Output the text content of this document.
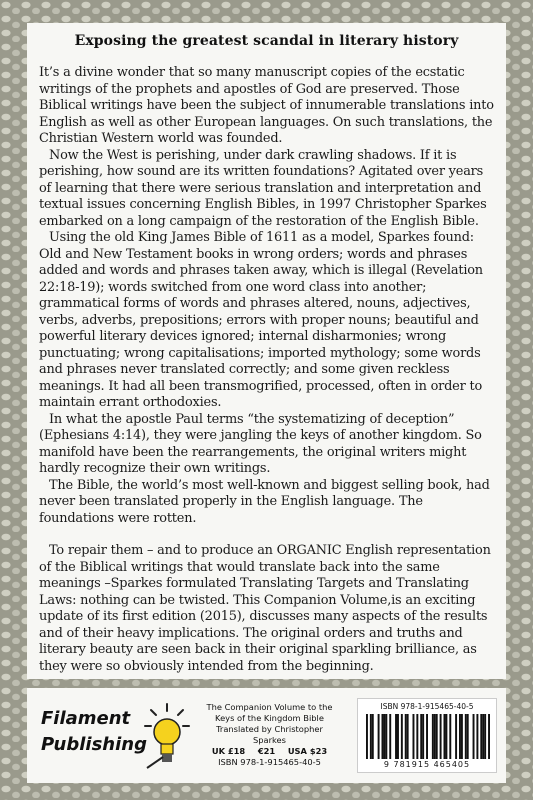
Exposing the greatest scandal in literary history

It’s a divine wonder that so many manuscript copies of the ecstatic writings of the prophets and apostles of God are preserved. Those Biblical writings have been the subject of innumerable translations into English as well as other European languages. On such translations, the Christian Western world was founded.

Now the West is perishing, under dark crawling shadows. If it is perishing, how sound are its written foundations? Agitated over years of learning that there were serious translation and interpretation and textual issues concerning English Bibles, in 1997 Christopher Sparkes embarked on a long campaign of the restoration of the English Bible.

Using the old King James Bible of 1611 as a model, Sparkes found: Old and New Testament books in wrong orders; words and phrases added and words and phrases taken away, which is illegal (Revelation 22:18-19); words switched from one word class into another; grammatical forms of words and phrases altered, nouns, adjectives, verbs, adverbs, prepositions; errors with proper nouns; beautiful and powerful literary devices ignored; internal disharmonies; wrong punctuating; wrong capitalisations; imported mythology; some words and phrases never translated correctly; and some given reckless meanings. It had all been transmogrified, processed, often in order to maintain errant orthodoxies.

In what the apostle Paul terms “the systematizing of deception” (Ephesians 4:14), they were jangling the keys of another kingdom. So manifold have been the rearrangements, the original writers might hardly recognize their own writings.

The Bible, the world’s most well-known and biggest selling book, had never been translated properly in the English language. The foundations were rotten.

To repair them – and to produce an ORGANIC English representation of the Biblical writings that would translate back into the same meanings –Sparkes formulated Translating Targets and Translating Laws: nothing can be twisted. This Companion Volume,is an exciting update of its first edition (2015), discusses many aspects of the results and of their heavy implications. The original orders and truths and literary beauty are seen back in their original sparkling brilliance, as they were so obviously intended from the beginning.

Filament
Publishing
The Companion Volume to the
Keys of the Kingdom Bible
Translated by Christopher Sparkes
UK £18 €21 USA $23
ISBN 978-1-915465-40-5
ISBN 978-1-915465-40-5
9 781915 465405
